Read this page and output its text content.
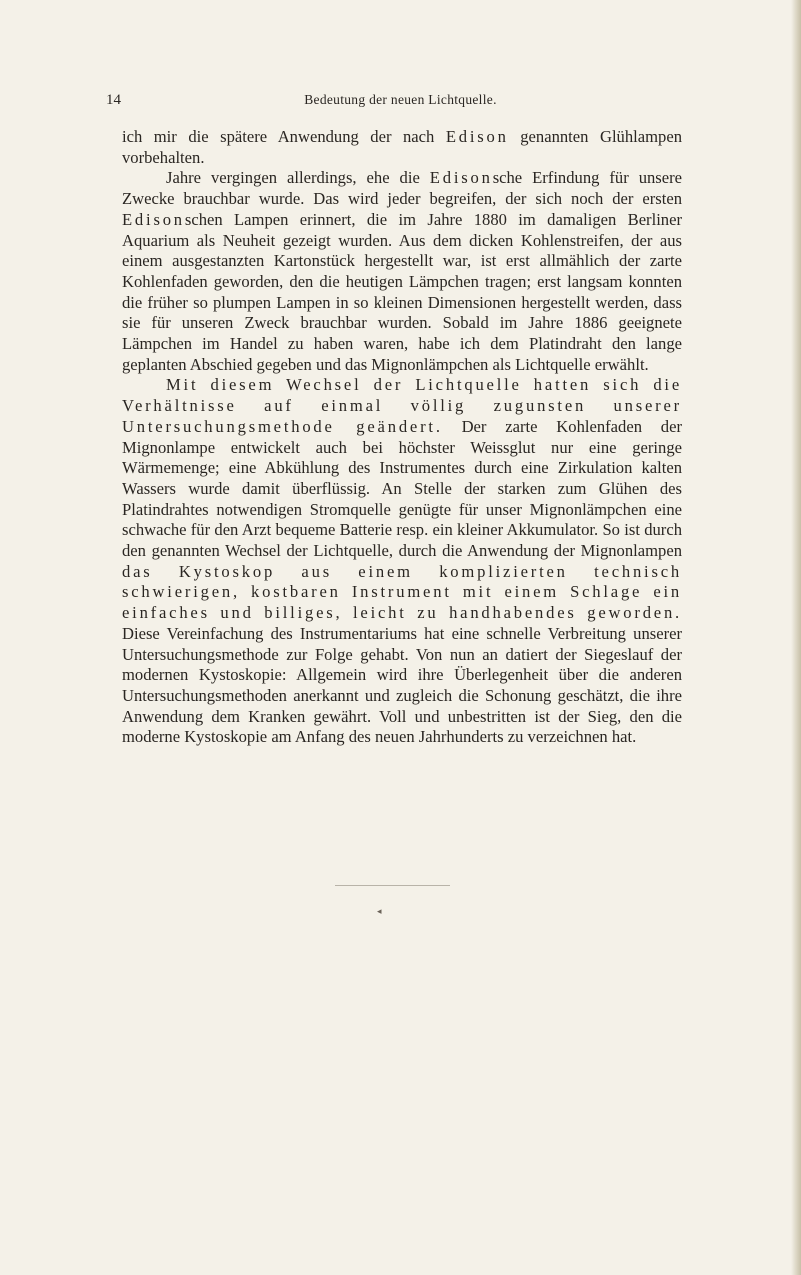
14	Bedeutung der neuen Lichtquelle.

ich mir die spätere Anwendung der nach Edison genannten Glühlampen vorbehalten.

Jahre vergingen allerdings, ehe die Edisonsche Erfindung für unsere Zwecke brauchbar wurde. Das wird jeder begreifen, der sich noch der ersten Edisonschen Lampen erinnert, die im Jahre 1880 im damaligen Berliner Aquarium als Neuheit gezeigt wurden. Aus dem dicken Kohlenstreifen, der aus einem ausgestanzten Kartonstück hergestellt war, ist erst allmählich der zarte Kohlenfaden geworden, den die heutigen Lämpchen tragen; erst langsam konnten die früher so plumpen Lampen in so kleinen Dimensionen hergestellt werden, dass sie für unseren Zweck brauchbar wurden. Sobald im Jahre 1886 geeignete Lämpchen im Handel zu haben waren, habe ich dem Platindraht den lange geplanten Abschied gegeben und das Mignonlämpchen als Lichtquelle erwählt.

Mit diesem Wechsel der Lichtquelle hatten sich die Verhältnisse auf einmal völlig zugunsten unserer Untersuchungsmethode geändert. Der zarte Kohlenfaden der Mignonlampe entwickelt auch bei höchster Weissglut nur eine geringe Wärmemenge; eine Abkühlung des Instrumentes durch eine Zirkulation kalten Wassers wurde damit überflüssig. An Stelle der starken zum Glühen des Platindrahtes notwendigen Stromquelle genügte für unser Mignonlämpchen eine schwache für den Arzt bequeme Batterie resp. ein kleiner Akkumulator. So ist durch den genannten Wechsel der Lichtquelle, durch die Anwendung der Mignonlampen das Kystoskop aus einem komplizierten technisch schwierigen, kostbaren Instrument mit einem Schlage ein einfaches und billiges, leicht zu handhabendes geworden. Diese Vereinfachung des Instrumentariums hat eine schnelle Verbreitung unserer Untersuchungsmethode zur Folge gehabt. Von nun an datiert der Siegeslauf der modernen Kystoskopie: Allgemein wird ihre Überlegenheit über die anderen Untersuchungsmethoden anerkannt und zugleich die Schonung geschätzt, die ihre Anwendung dem Kranken gewährt. Voll und unbestritten ist der Sieg, den die moderne Kystoskopie am Anfang des neuen Jahrhunderts zu verzeichnen hat.

◂
